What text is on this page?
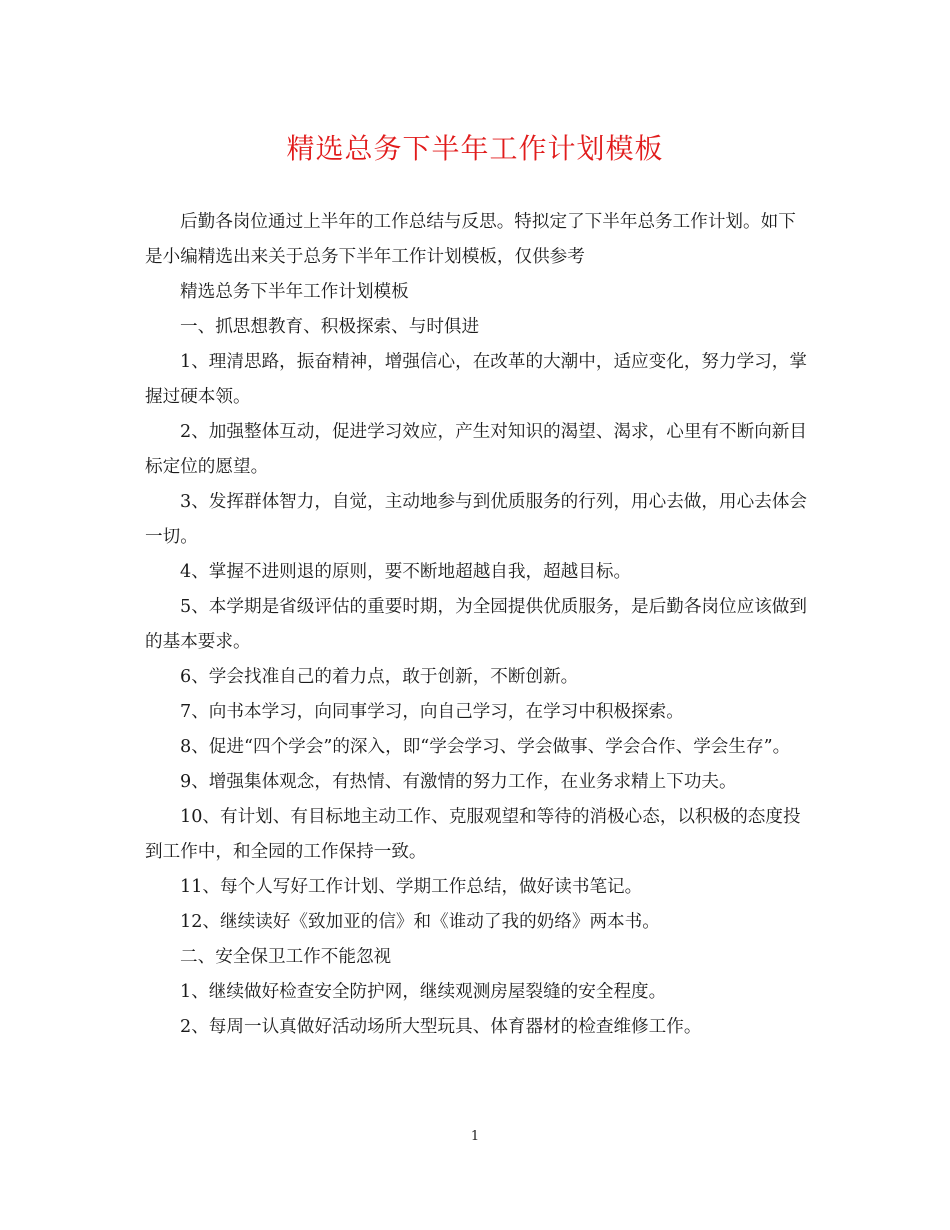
精选总务下半年工作计划模板

后勤各岗位通过上半年的工作总结与反思。特拟定了下半年总务工作计划。如下是小编精选出来关于总务下半年工作计划模板，仅供参考

精选总务下半年工作计划模板

一、抓思想教育、积极探索、与时俱进

1、理清思路，振奋精神，增强信心，在改革的大潮中，适应变化，努力学习，掌握过硬本领。

2、加强整体互动，促进学习效应，产生对知识的渴望、渴求，心里有不断向新目标定位的愿望。

3、发挥群体智力，自觉，主动地参与到优质服务的行列，用心去做，用心去体会一切。

4、掌握不进则退的原则，要不断地超越自我，超越目标。

5、本学期是省级评估的重要时期，为全园提供优质服务，是后勤各岗位应该做到的基本要求。

6、学会找准自己的着力点，敢于创新，不断创新。

7、向书本学习，向同事学习，向自己学习，在学习中积极探索。

8、促进“四个学会”的深入，即“学会学习、学会做事、学会合作、学会生存”。

9、增强集体观念，有热情、有激情的努力工作，在业务求精上下功夫。

10、有计划、有目标地主动工作、克服观望和等待的消极心态，以积极的态度投到工作中，和全园的工作保持一致。

11、每个人写好工作计划、学期工作总结，做好读书笔记。

12、继续读好《致加亚的信》和《谁动了我的奶络》两本书。

二、安全保卫工作不能忽视

1、继续做好检查安全防护网，继续观测房屋裂缝的安全程度。

2、每周一认真做好活动场所大型玩具、体育器材的检查维修工作。

1
